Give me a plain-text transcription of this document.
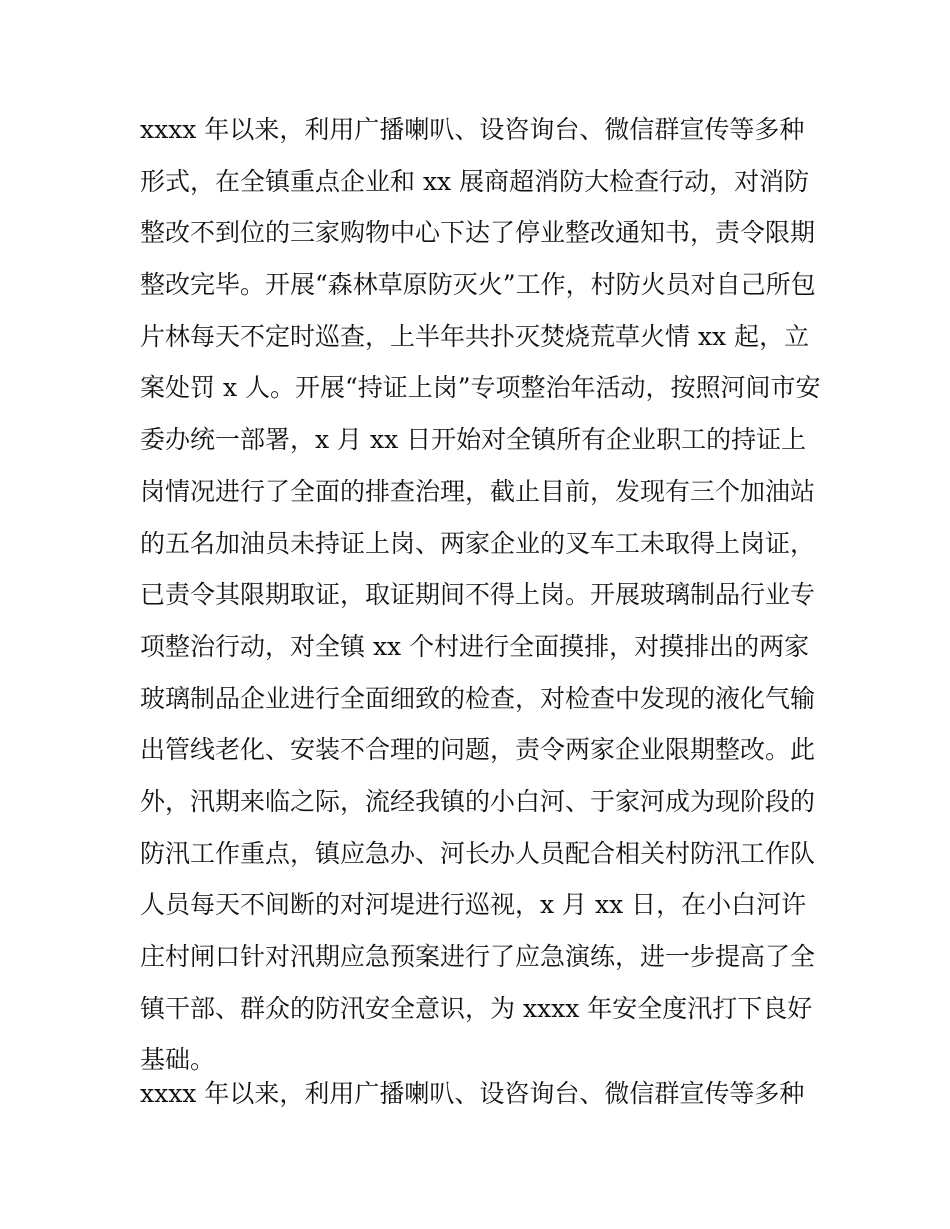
xxxx 年以来，利用广播喇叭、设咨询台、微信群宣传等多种
形式，在全镇重点企业和 xx 展商超消防大检查行动，对消防
整改不到位的三家购物中心下达了停业整改通知书，责令限期
整改完毕。开展“森林草原防灭火”工作，村防火员对自己所包
片林每天不定时巡查，上半年共扑灭焚烧荒草火情 xx 起，立
案处罚 x 人。开展“持证上岗”专项整治年活动，按照河间市安
委办统一部署，x 月 xx 日开始对全镇所有企业职工的持证上
岗情况进行了全面的排查治理，截止目前，发现有三个加油站
的五名加油员未持证上岗、两家企业的叉车工未取得上岗证，
已责令其限期取证，取证期间不得上岗。开展玻璃制品行业专
项整治行动，对全镇 xx 个村进行全面摸排，对摸排出的两家
玻璃制品企业进行全面细致的检查，对检查中发现的液化气输
出管线老化、安装不合理的问题，责令两家企业限期整改。此
外，汛期来临之际，流经我镇的小白河、于家河成为现阶段的
防汛工作重点，镇应急办、河长办人员配合相关村防汛工作队
人员每天不间断的对河堤进行巡视，x 月 xx 日，在小白河许
庄村闸口针对汛期应急预案进行了应急演练，进一步提高了全
镇干部、群众的防汛安全意识，为 xxxx 年安全度汛打下良好
基础。

xxxx 年以来，利用广播喇叭、设咨询台、微信群宣传等多种
